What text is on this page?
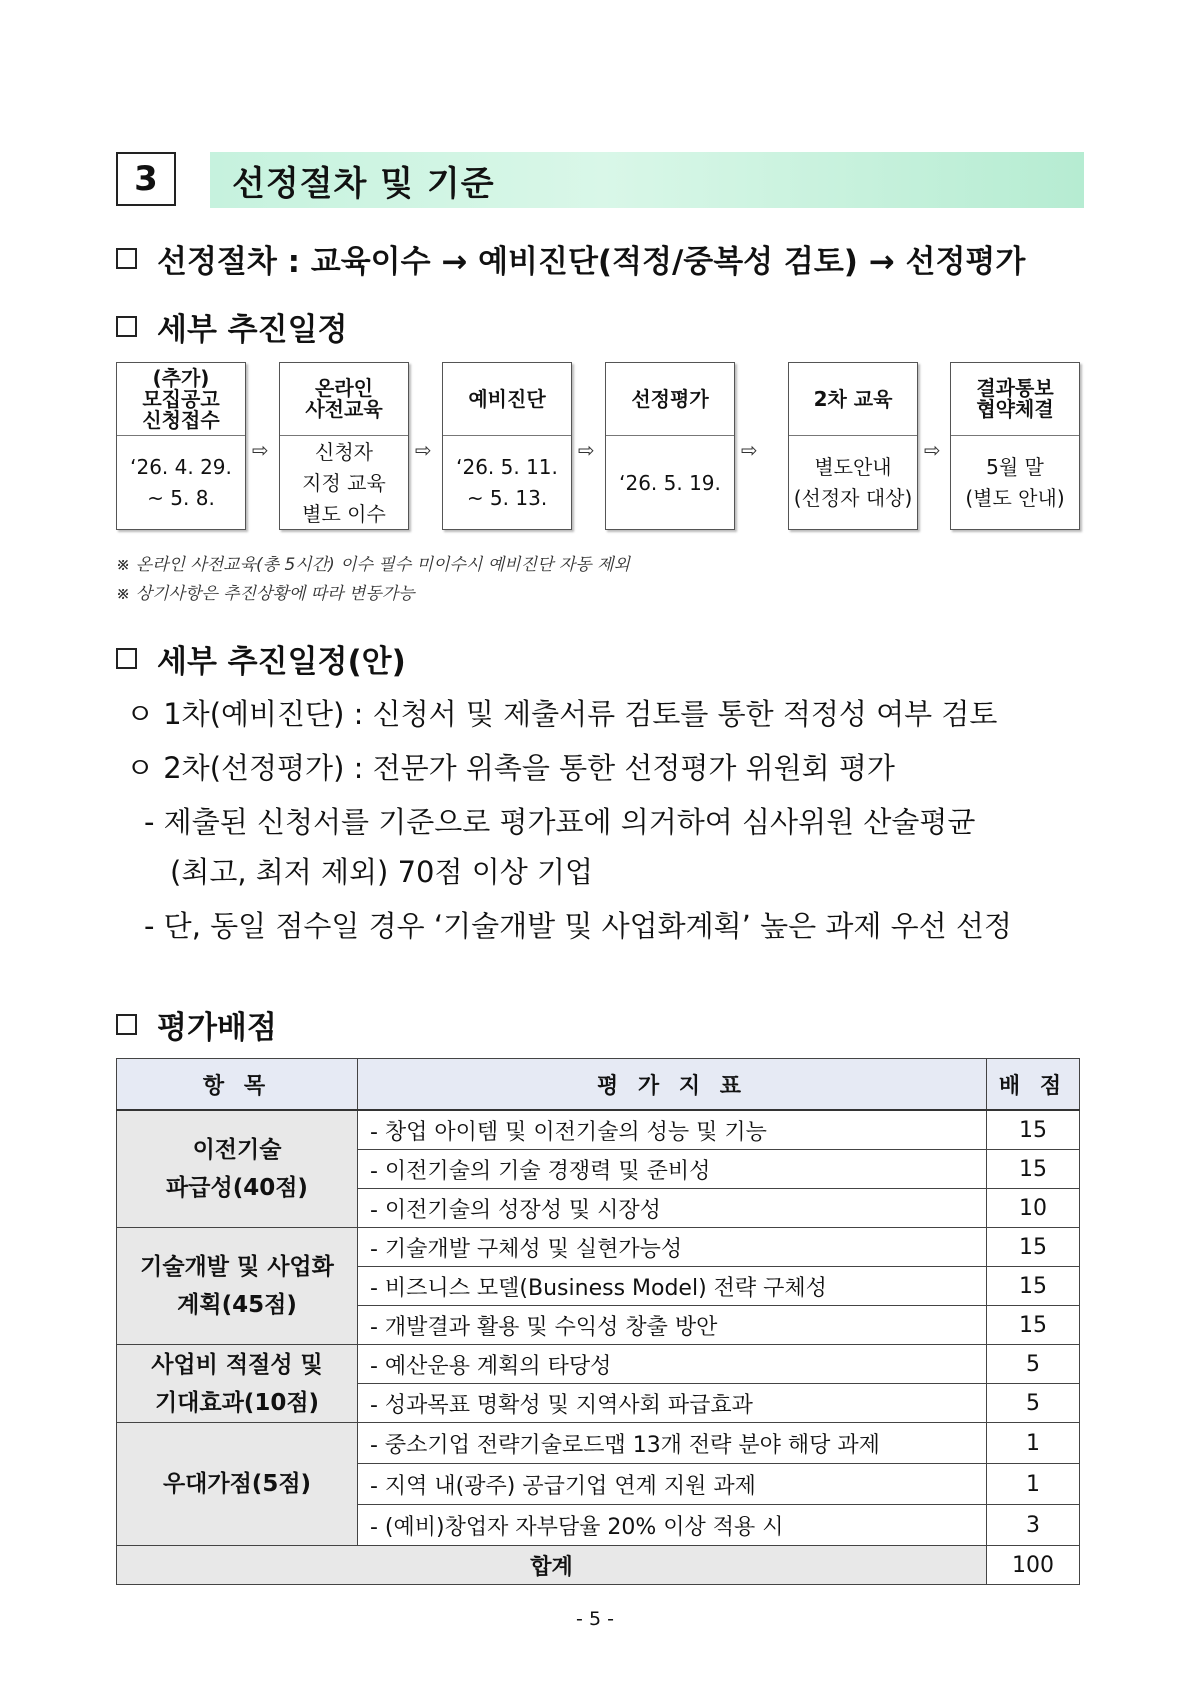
3	선정절차 및 기준
선정절차 : 교육이수 → 예비진단(적정/중복성 검토) → 선정평가
세부 추진일정
(추가)
모집공고
신청접수
‘26. 4. 29.
~ 5. 8.
⇨
온라인
사전교육
신청자
지정 교육
별도 이수
⇨
예비진단
‘26. 5. 11.
~ 5. 13.
⇨
선정평가
‘26. 5. 19.
⇨
2차 교육
별도안내
(선정자 대상)
⇨
결과통보
협약체결
5월 말
(별도 안내)
※ 온라인 사전교육(총 5시간) 이수 필수 미이수시 예비진단 자동 제외
※ 상기사항은 추진상황에 따라 변동가능
세부 추진일정(안)
ㅇ 1차(예비진단) : 신청서 및 제출서류 검토를 통한 적정성 여부 검토
ㅇ 2차(선정평가) : 전문가 위촉을 통한 선정평가 위원회 평가
- 제출된 신청서를 기준으로 평가표에 의거하여 심사위원 산술평균
(최고, 최저 제외) 70점 이상 기업
- 단, 동일 점수일 경우 ‘기술개발 및 사업화계획’ 높은 과제 우선 선정
평가배점
항 목	평 가 지 표	배 점
이전기술
파급성(40점)	- 창업 아이템 및 이전기술의 성능 및 기능	15
	- 이전기술의 기술 경쟁력 및 준비성	15
	- 이전기술의 성장성 및 시장성	10
기술개발 및 사업화
계획(45점)	- 기술개발 구체성 및 실현가능성	15
	- 비즈니스 모델(Business Model) 전략 구체성	15
	- 개발결과 활용 및 수익성 창출 방안	15
사업비 적절성 및
기대효과(10점)	- 예산운용 계획의 타당성	5
	- 성과목표 명확성 및 지역사회 파급효과	5
우대가점(5점)	- 중소기업 전략기술로드맵 13개 전략 분야 해당 과제	1
	- 지역 내(광주) 공급기업 연계 지원 과제	1
	- (예비)창업자 자부담율 20% 이상 적용 시	3
합계		100
- 5 -
